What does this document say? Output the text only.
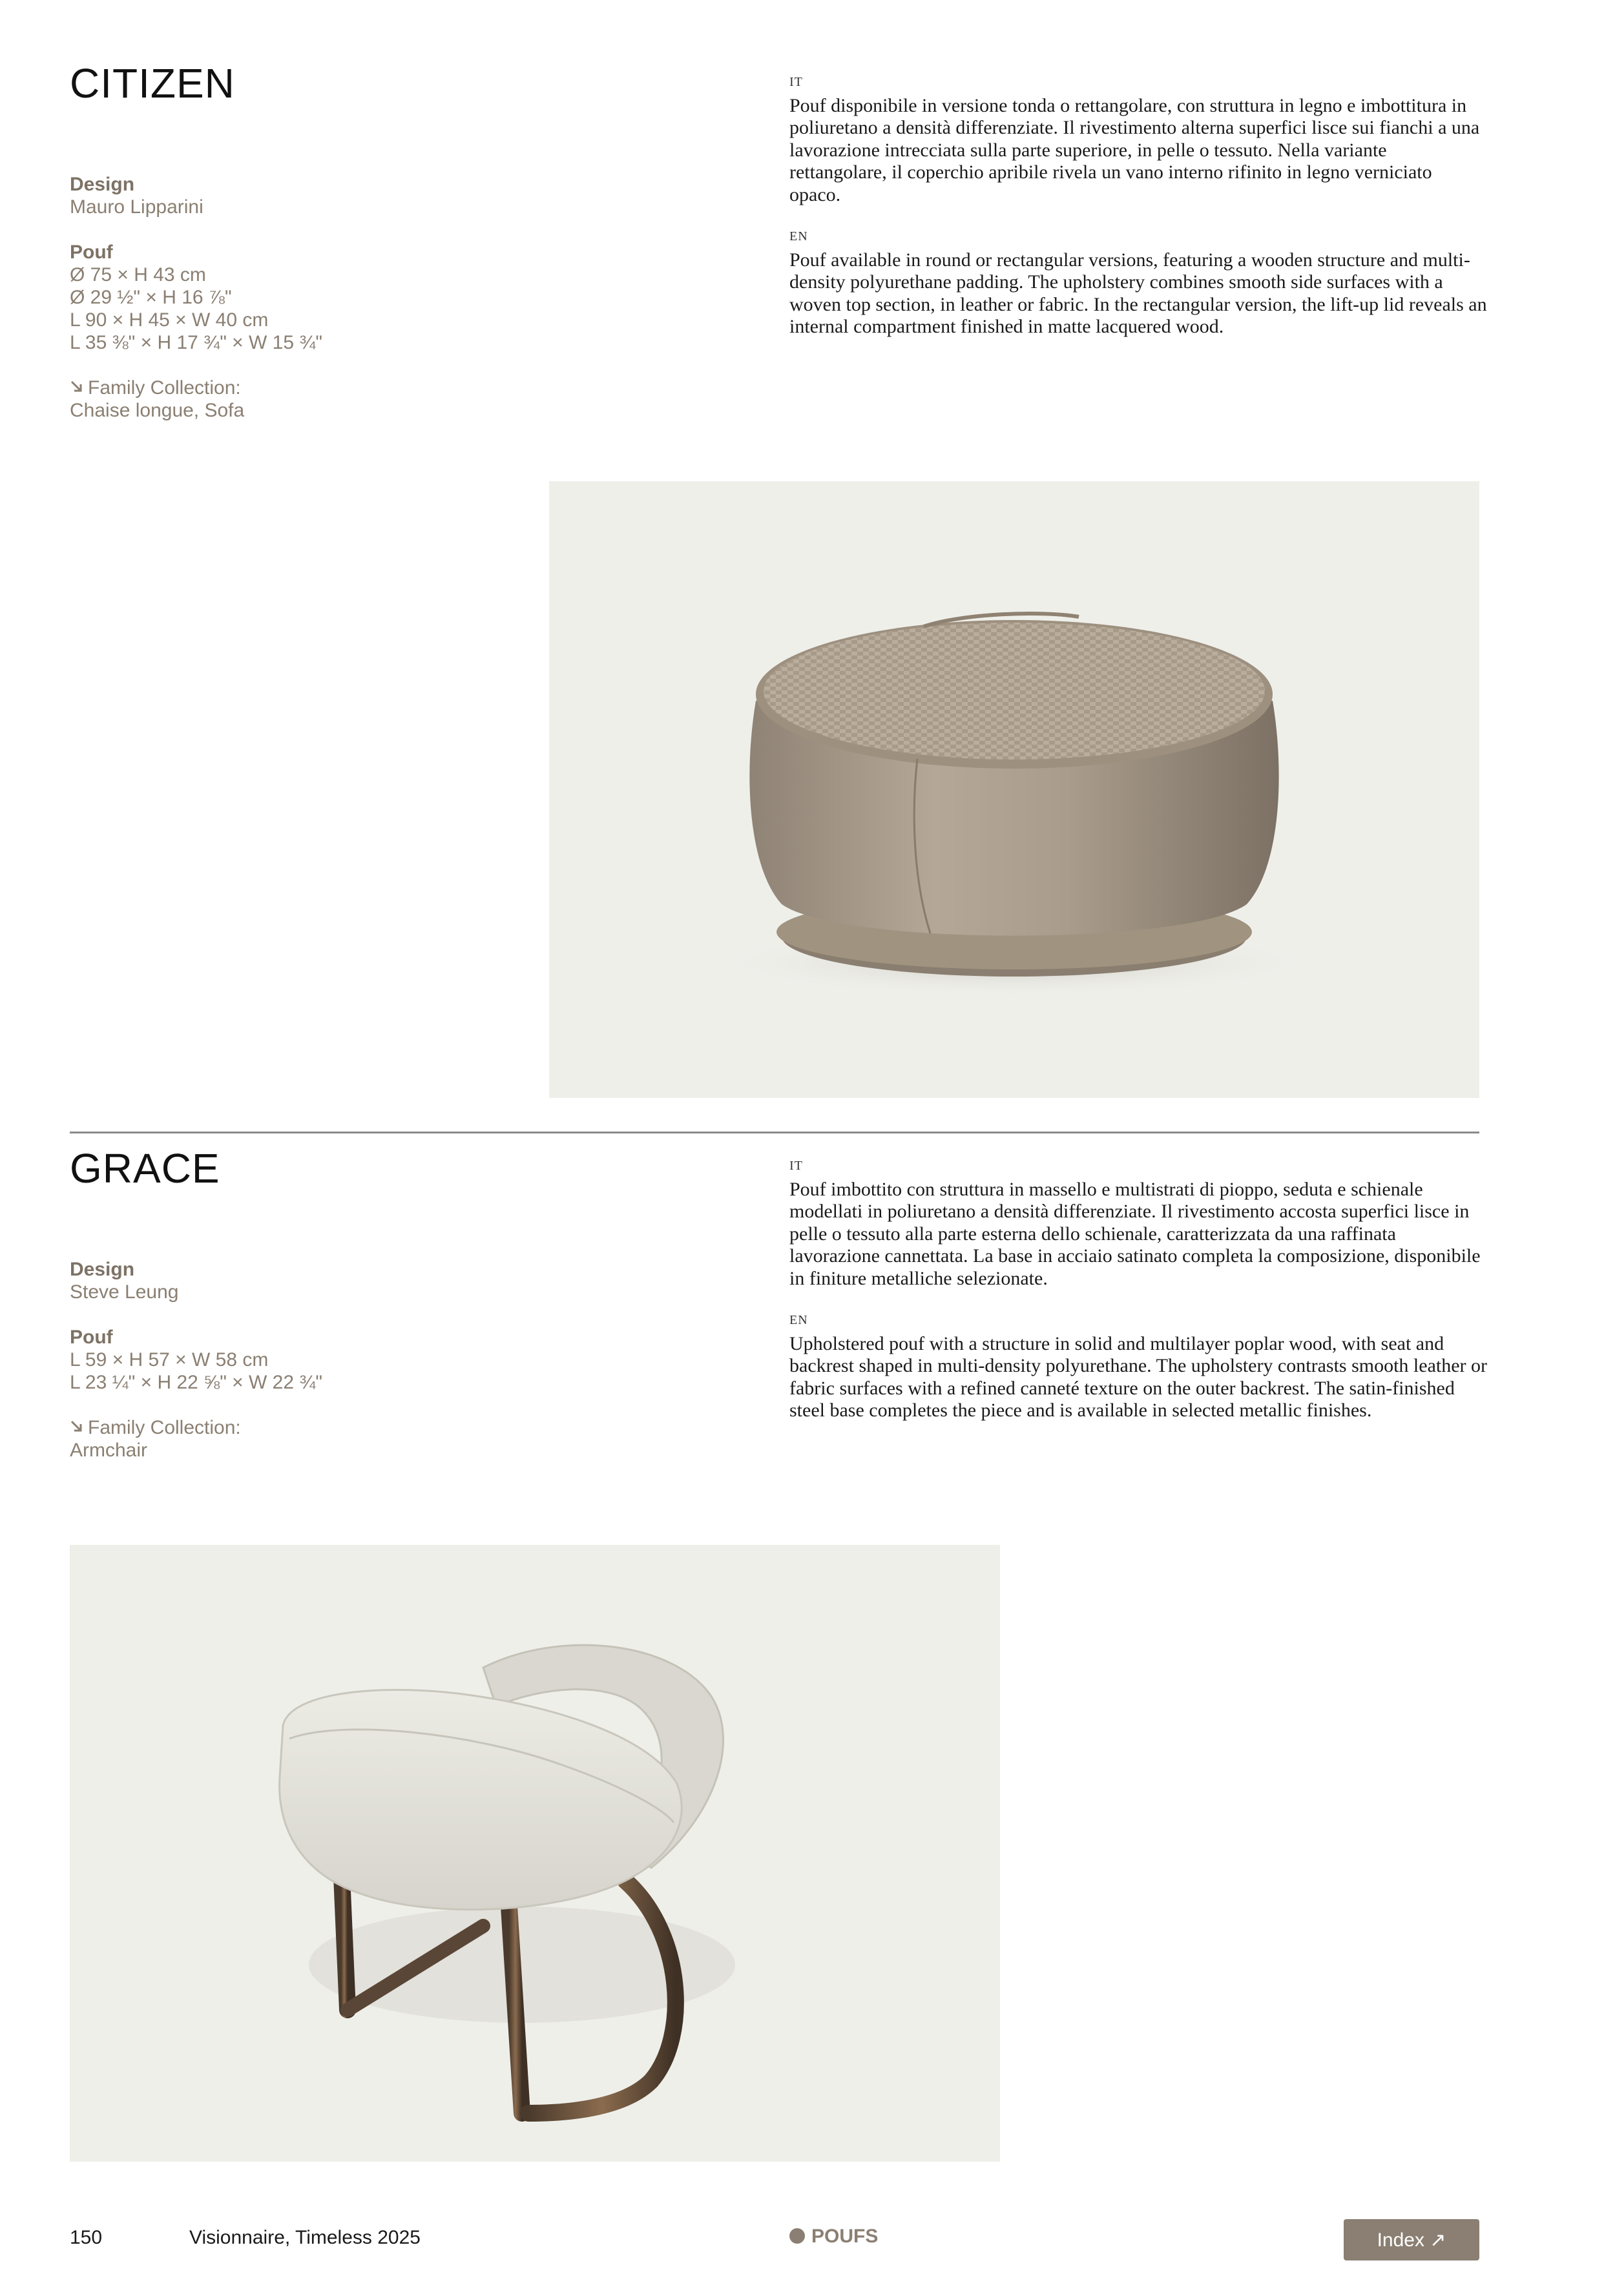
CITIZEN
Design
Mauro Lipparini
Pouf
Ø 75 × H 43 cm
Ø 29 ½" × H 16 ⅞"
L 90 × H 45 × W 40 cm
L 35 ⅜" × H 17 ¾" × W 15 ¾"
Family Collection:
Chaise longue, Sofa
IT

Pouf disponibile in versione tonda o rettangolare, con struttura in legno e imbottitura in poliuretano a densità differenziate. Il rivestimento alterna superfici lisce sui fianchi a una lavorazione intrecciata sulla parte superiore, in pelle o tessuto. Nella variante rettangolare, il coperchio apribile rivela un vano interno rifinito in legno verniciato opaco.

EN

Pouf available in round or rectangular versions, featuring a wooden structure and multi-density polyurethane padding. The upholstery combines smooth side surfaces with a woven top section, in leather or fabric. In the rectangular version, the lift-up lid reveals an internal compartment finished in matte lacquered wood.

GRACE
Design
Steve Leung
Pouf
L 59 × H 57 × W 58 cm
L 23 ¼" × H 22 ⅝" × W 22 ¾"
Family Collection:
Armchair
IT

Pouf imbottito con struttura in massello e multistrati di pioppo, seduta e schienale modellati in poliuretano a densità differenziate. Il rivestimento accosta superfici lisce in pelle o tessuto alla parte esterna dello schienale, caratterizzata da una raffinata lavorazione cannettata. La base in acciaio satinato completa la composizione, disponibile in finiture metalliche selezionate.

EN

Upholstered pouf with a structure in solid and multilayer poplar wood, with seat and backrest shaped in multi-density polyurethane. The upholstery contrasts smooth leather or fabric surfaces with a refined canneté texture on the outer backrest. The satin-finished steel base completes the piece and is available in selected metallic finishes.

150	Visionnaire, Timeless 2025	POUFS	Index ↗
